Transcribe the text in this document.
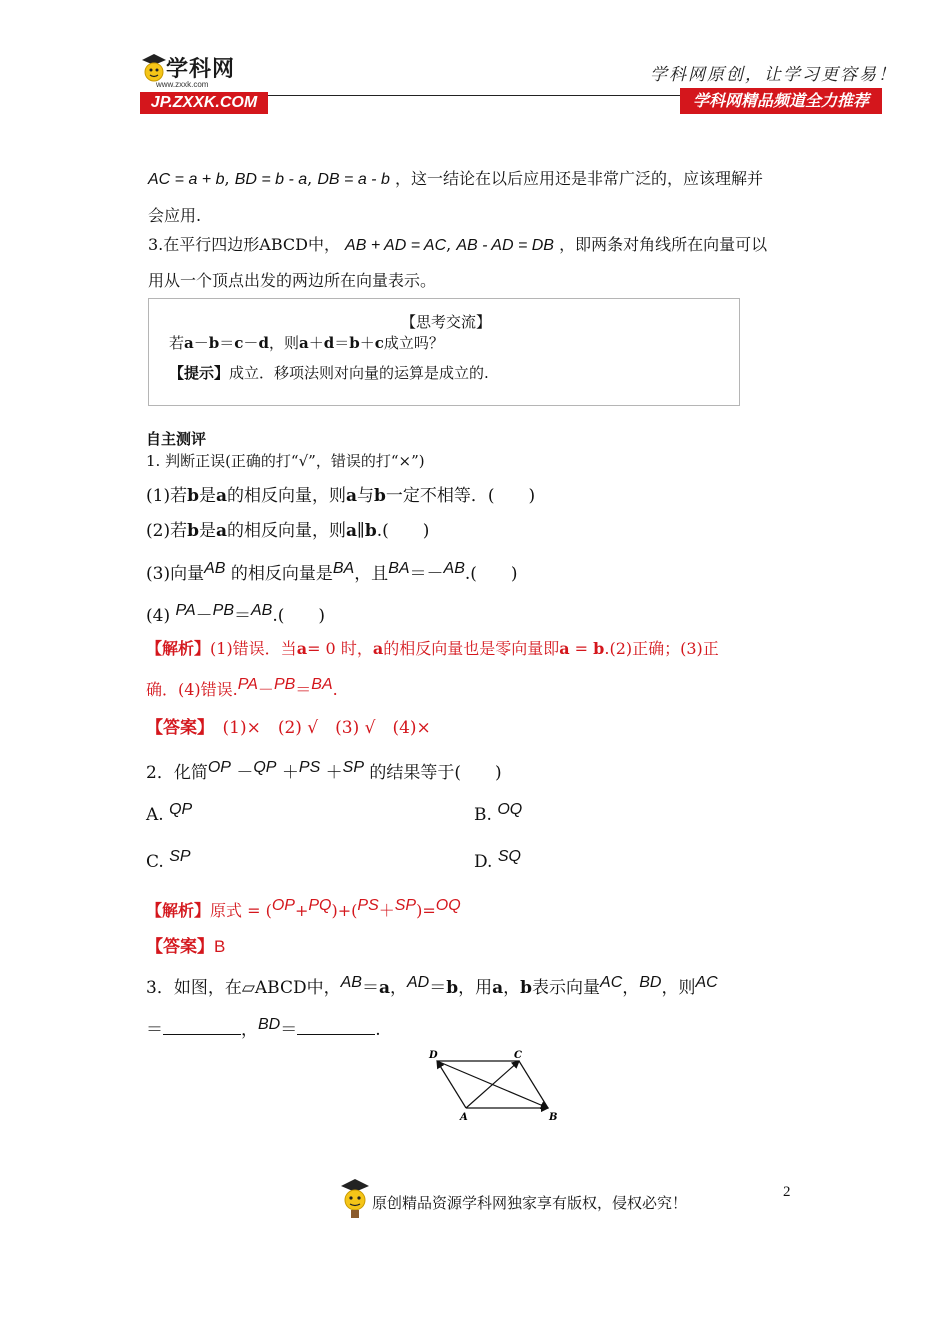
学科网
www.zxxk.com
JP.ZXXK.COM
学科网原创，让学习更容易！
学科网精品频道全力推荐
AC = a + b, BD = b - a, DB = a - b ，这一结论在以后应用还是非常广泛的，应该理解并
会应用.
3.在平行四边形ABCD中， AB + AD = AC, AB - AD = DB ，即两条对角线所在向量可以
用从一个顶点出发的两边所在向量表示。
【思考交流】
若a－b＝c－d，则a＋d＝b＋c成立吗？
【提示】成立．移项法则对向量的运算是成立的.
自主测评
1. 判断正误(正确的打“√”，错误的打“×”)
(1)若b是a的相反向量，则a与b一定不相等．(　　)
(2)若b是a的相反向量，则a∥b.(　　)
(3)向量AB 的相反向量是BA，且BA＝－AB.(　　)
(4) PA－PB＝AB.(　　)
【解析】(1)错误．当a= 0 时，a的相反向量也是零向量即a = b.(2)正确；(3)正
确．(4)错误.PA－PB＝BA.
【答案】　(1)×　(2) √　(3) √　(4)×
2．化简OP －QP ＋PS ＋SP 的结果等于(　　)
A. QP	B. OQ
C. SP	D. SQ
【解析】原式 = (OP+PQ)+(PS＋SP)=OQ
【答案】B
3．如图，在▱ABCD中，AB＝a，AD＝b，用a，b表示向量AC，BD，则AC
＝	，BD＝	.
D	C
A	B
原创精品资源学科网独家享有版权，侵权必究！
2
